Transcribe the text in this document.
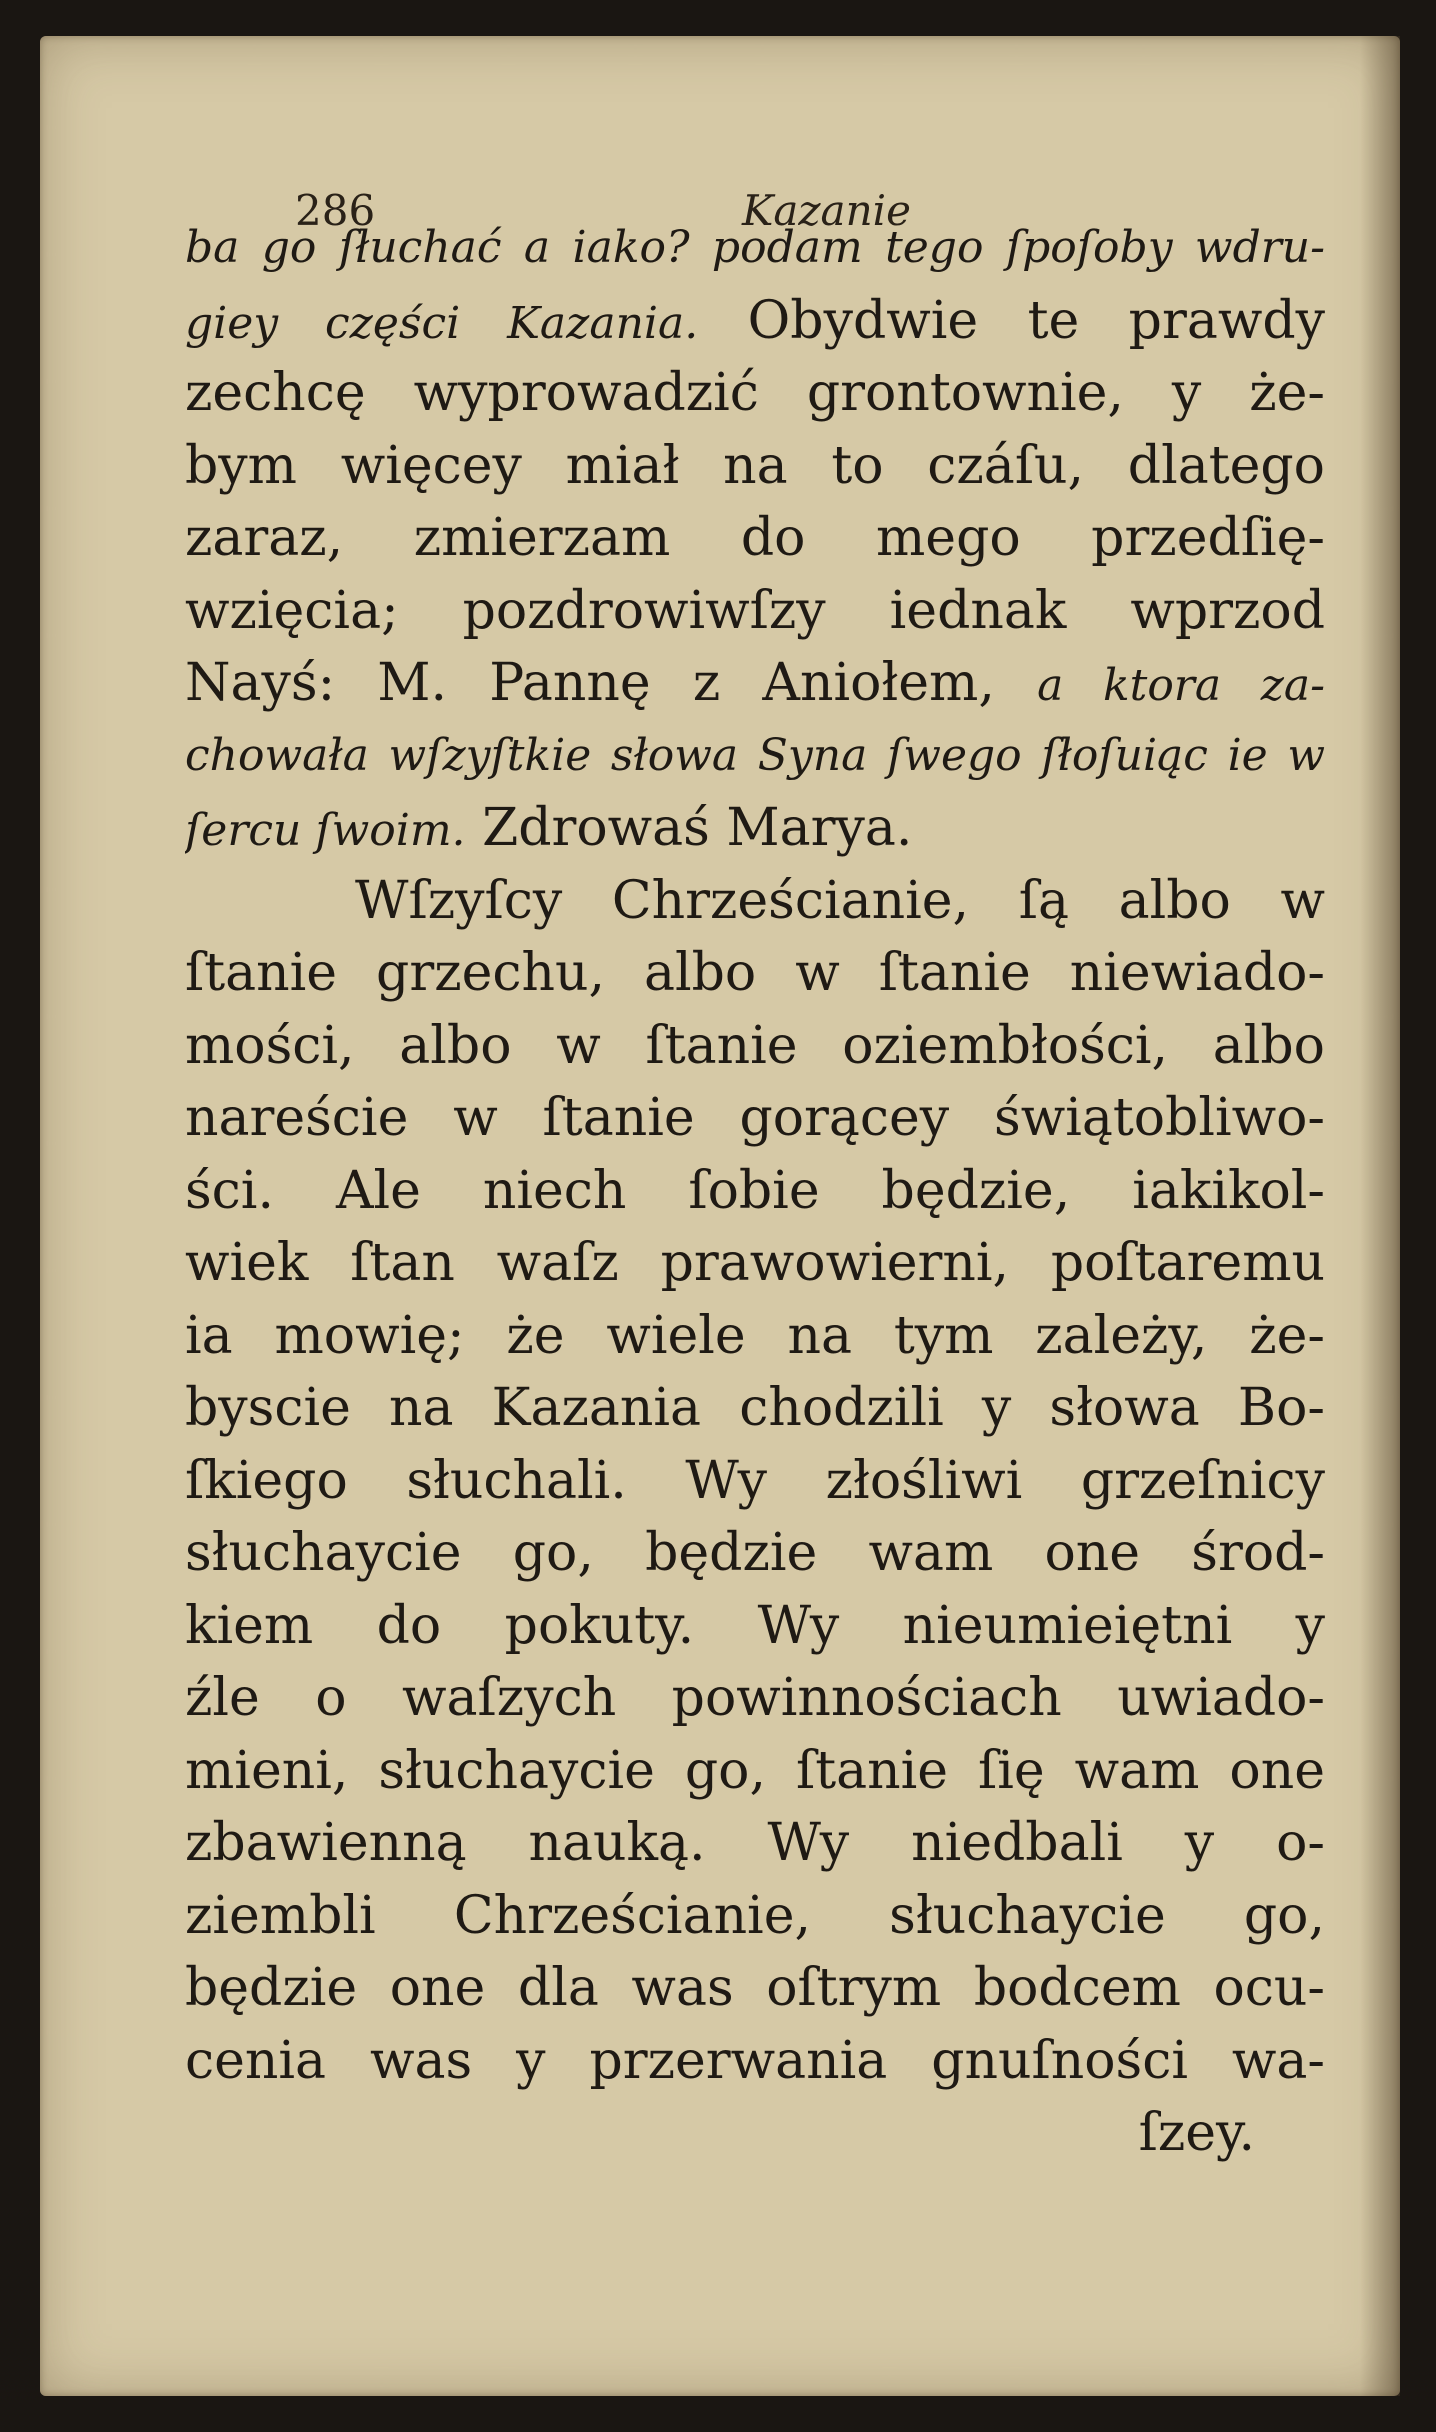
286	Kazanie
ba go ſłuchać a iako? podam tego ſpoſoby wdru-
giey części Kazania. Obydwie te prawdy
zechcę wyprowadzić grontownie, y że-
bym więcey miał na to czáſu, dlatego
zaraz, zmierzam do mego przedſię-
wzięcia; pozdrowiwſzy iednak wprzod
Nayś: M. Pannę z Aniołem, a ktora za-
chowała wſzyſtkie słowa Syna ſwego ſłoſuiąc ie w
ſercu ſwoim. Zdrowaś Marya.
Wſzyſcy Chrześcianie, ſą albo w
ſtanie grzechu, albo w ſtanie niewiado-
mości, albo w ſtanie oziembłości, albo
nareście w ſtanie gorącey świątobliwo-
ści. Ale niech ſobie będzie, iakikol-
wiek ſtan waſz prawowierni, poſtaremu
ia mowię; że wiele na tym zależy, że-
byscie na Kazania chodzili y słowa Bo-
ſkiego słuchali. Wy złośliwi grzeſnicy
słuchaycie go, będzie wam one środ-
kiem do pokuty. Wy nieumieiętni y
źle o waſzych powinnościach uwiado-
mieni, słuchaycie go, ſtanie ſię wam one
zbawienną nauką. Wy niedbali y o-
ziembli Chrześcianie, słuchaycie go,
będzie one dla was oſtrym bodcem ocu-
cenia was y przerwania gnuſności wa-
ſzey.
